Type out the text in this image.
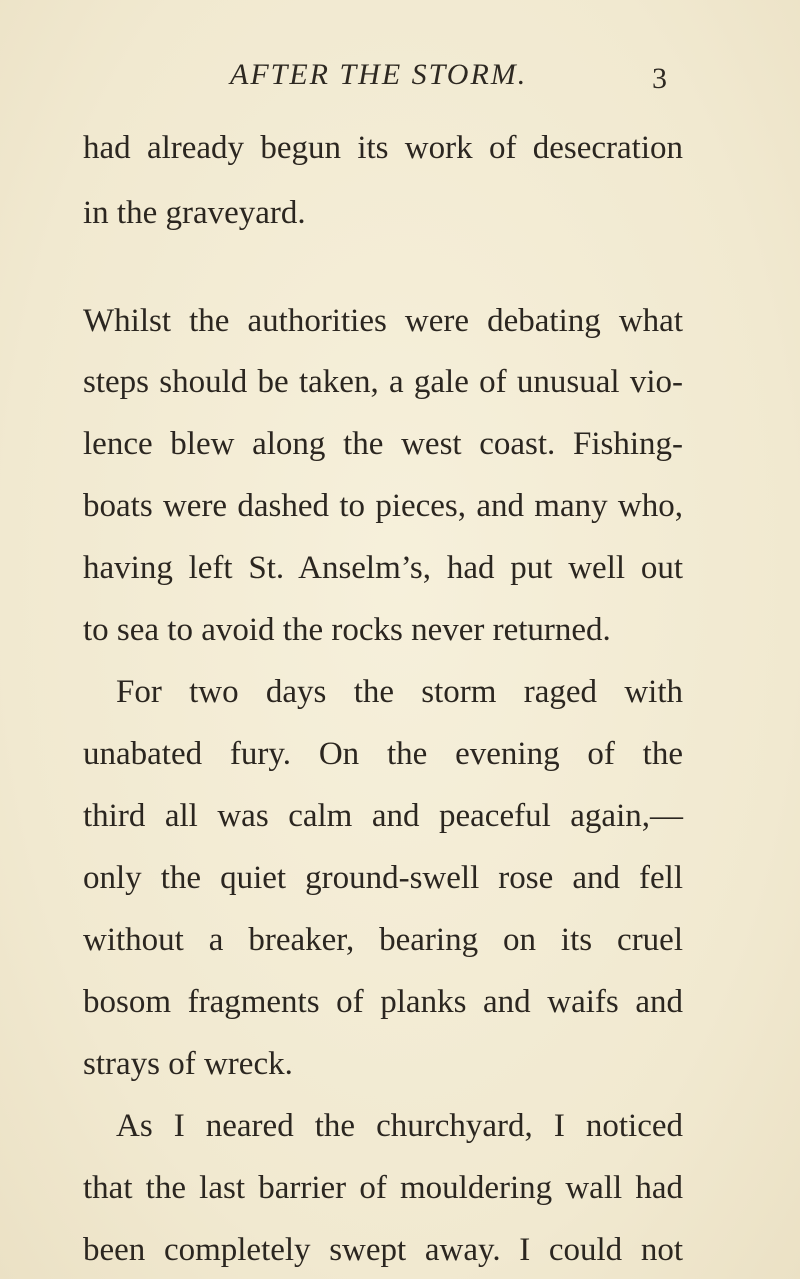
AFTER THE STORM.	3
had already begun its work of desecration
in the graveyard.
Whilst the authorities were debating what
steps should be taken, a gale of unusual vio-
lence blew along the west coast. Fishing-
boats were dashed to pieces, and many who,
having left St. Anselm’s, had put well out
to sea to avoid the rocks never returned.
For two days the storm raged with
unabated fury. On the evening of the
third all was calm and peaceful again,—
only the quiet ground-swell rose and fell
without a breaker, bearing on its cruel
bosom fragments of planks and waifs and
strays of wreck.
As I neared the churchyard, I noticed
that the last barrier of mouldering wall had
been completely swept away. I could not
